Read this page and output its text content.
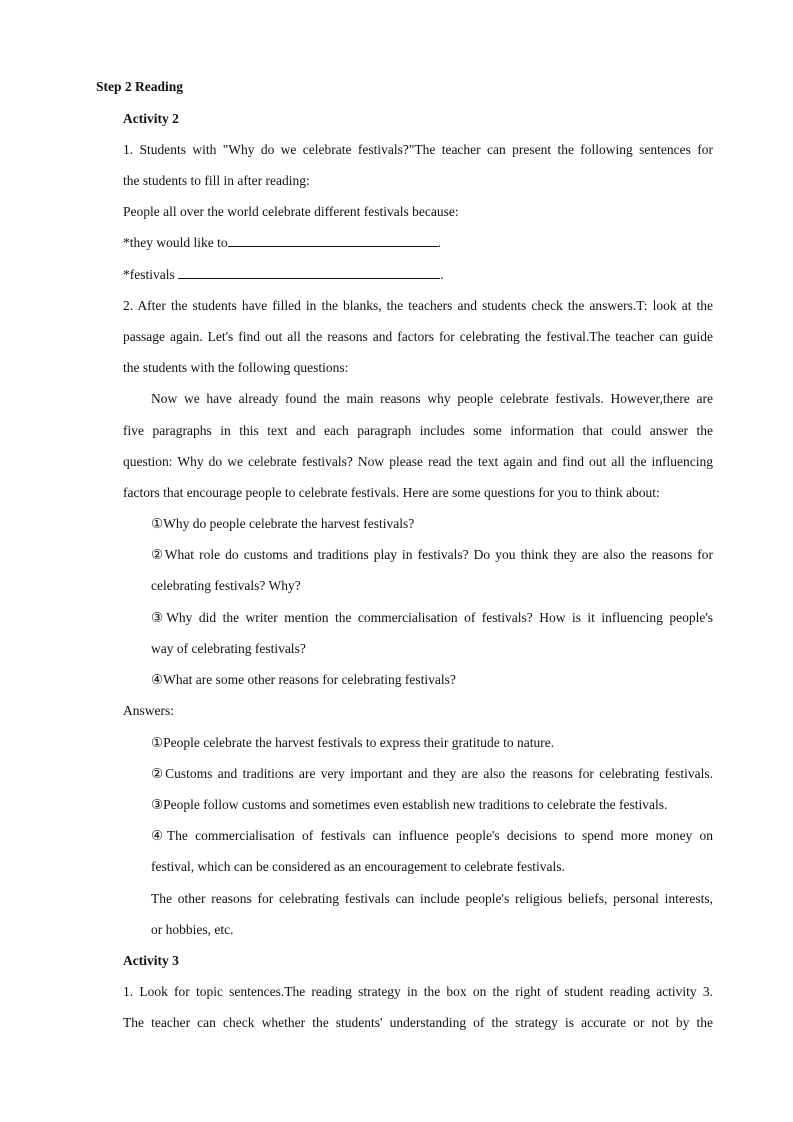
Step 2 Reading
Activity 2
1. Students with "Why do we celebrate festivals?"The teacher can present the following sentences for
the students to fill in after reading:
People all over the world celebrate different festivals because:
*they would like to	.
*festivals	.
2. After the students have filled in the blanks, the teachers and students check the answers.T: look at the
passage again. Let's find out all the reasons and factors for celebrating the festival.The teacher can guide
the students with the following questions:
Now we have already found the main reasons why people celebrate festivals. However,there are
five paragraphs in this text and each paragraph includes some information that could answer the
question: Why do we celebrate festivals? Now please read the text again and find out all the influencing
factors that encourage people to celebrate festivals. Here are some questions for you to think about:
①Why do people celebrate the harvest festivals?
②What role do customs and traditions play in festivals? Do you think they are also the reasons for
celebrating festivals? Why?
③Why did the writer mention the commercialisation of festivals? How is it influencing people's
way of celebrating festivals?
④What are some other reasons for celebrating festivals?
Answers:
①People celebrate the harvest festivals to express their gratitude to nature.
②Customs and traditions are very important and they are also the reasons for celebrating festivals.
③People follow customs and sometimes even establish new traditions to celebrate the festivals.
④The commercialisation of festivals can influence people's decisions to spend more money on
festival, which can be considered as an encouragement to celebrate festivals.
The other reasons for celebrating festivals can include people's religious beliefs, personal interests,
or hobbies, etc.
Activity 3
1. Look for topic sentences.The reading strategy in the box on the right of student reading activity 3.
The teacher can check whether the students' understanding of the strategy is accurate or not by the
